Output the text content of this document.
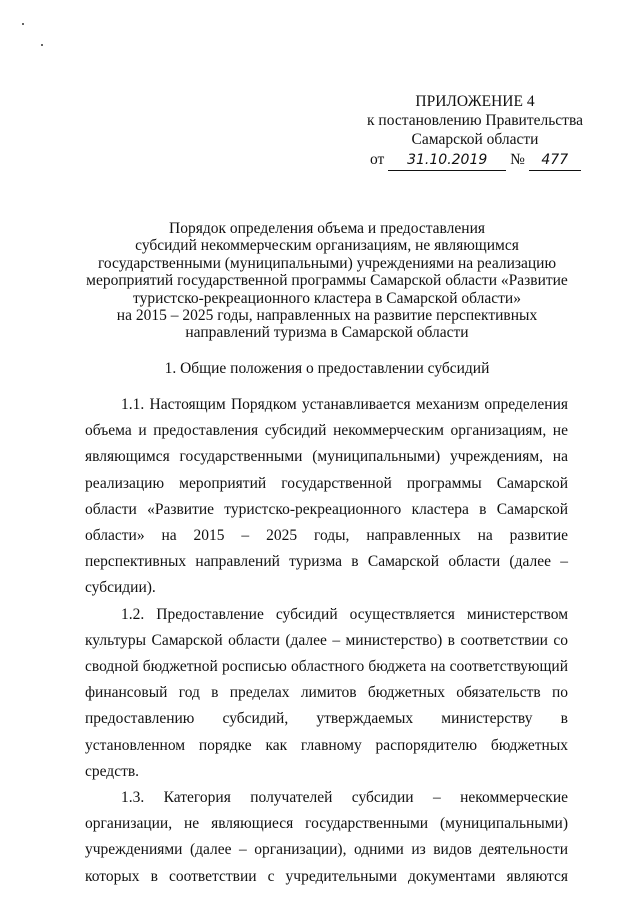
ПРИЛОЖЕНИЕ 4
к постановлению Правительства
Самарской области
от 31.10.2019 № 477
Порядок определения объема и предоставления
субсидий некоммерческим организациям, не являющимся
государственными (муниципальными) учреждениями на реализацию
мероприятий государственной программы Самарской области «Развитие
туристско-рекреационного кластера в Самарской области»
на 2015 – 2025 годы, направленных на развитие перспективных
направлений туризма в Самарской области
1. Общие положения о предоставлении субсидий

1.1. Настоящим Порядком устанавливается механизм определения объема и предоставления субсидий некоммерческим организациям, не являющимся государственными (муниципальными) учреждениям, на реализацию мероприятий государственной программы Самарской области «Развитие туристско-рекреационного кластера в Самарской области» на 2015 – 2025 годы, направленных на развитие перспективных направлений туризма в Самарской области (далее – субсидии).

1.2. Предоставление субсидий осуществляется министерством культуры Самарской области (далее – министерство) в соответствии со сводной бюджетной росписью областного бюджета на соответствующий финансовый год в пределах лимитов бюджетных обязательств по предоставлению субсидий, утверждаемых министерству в установленном порядке как главному распорядителю бюджетных средств.

1.3. Категория получателей субсидии – некоммерческие организации, не являющиеся государственными (муниципальными) учреждениями (далее – организации), одними из видов деятельности которых в соответствии с учредительными документами являются
